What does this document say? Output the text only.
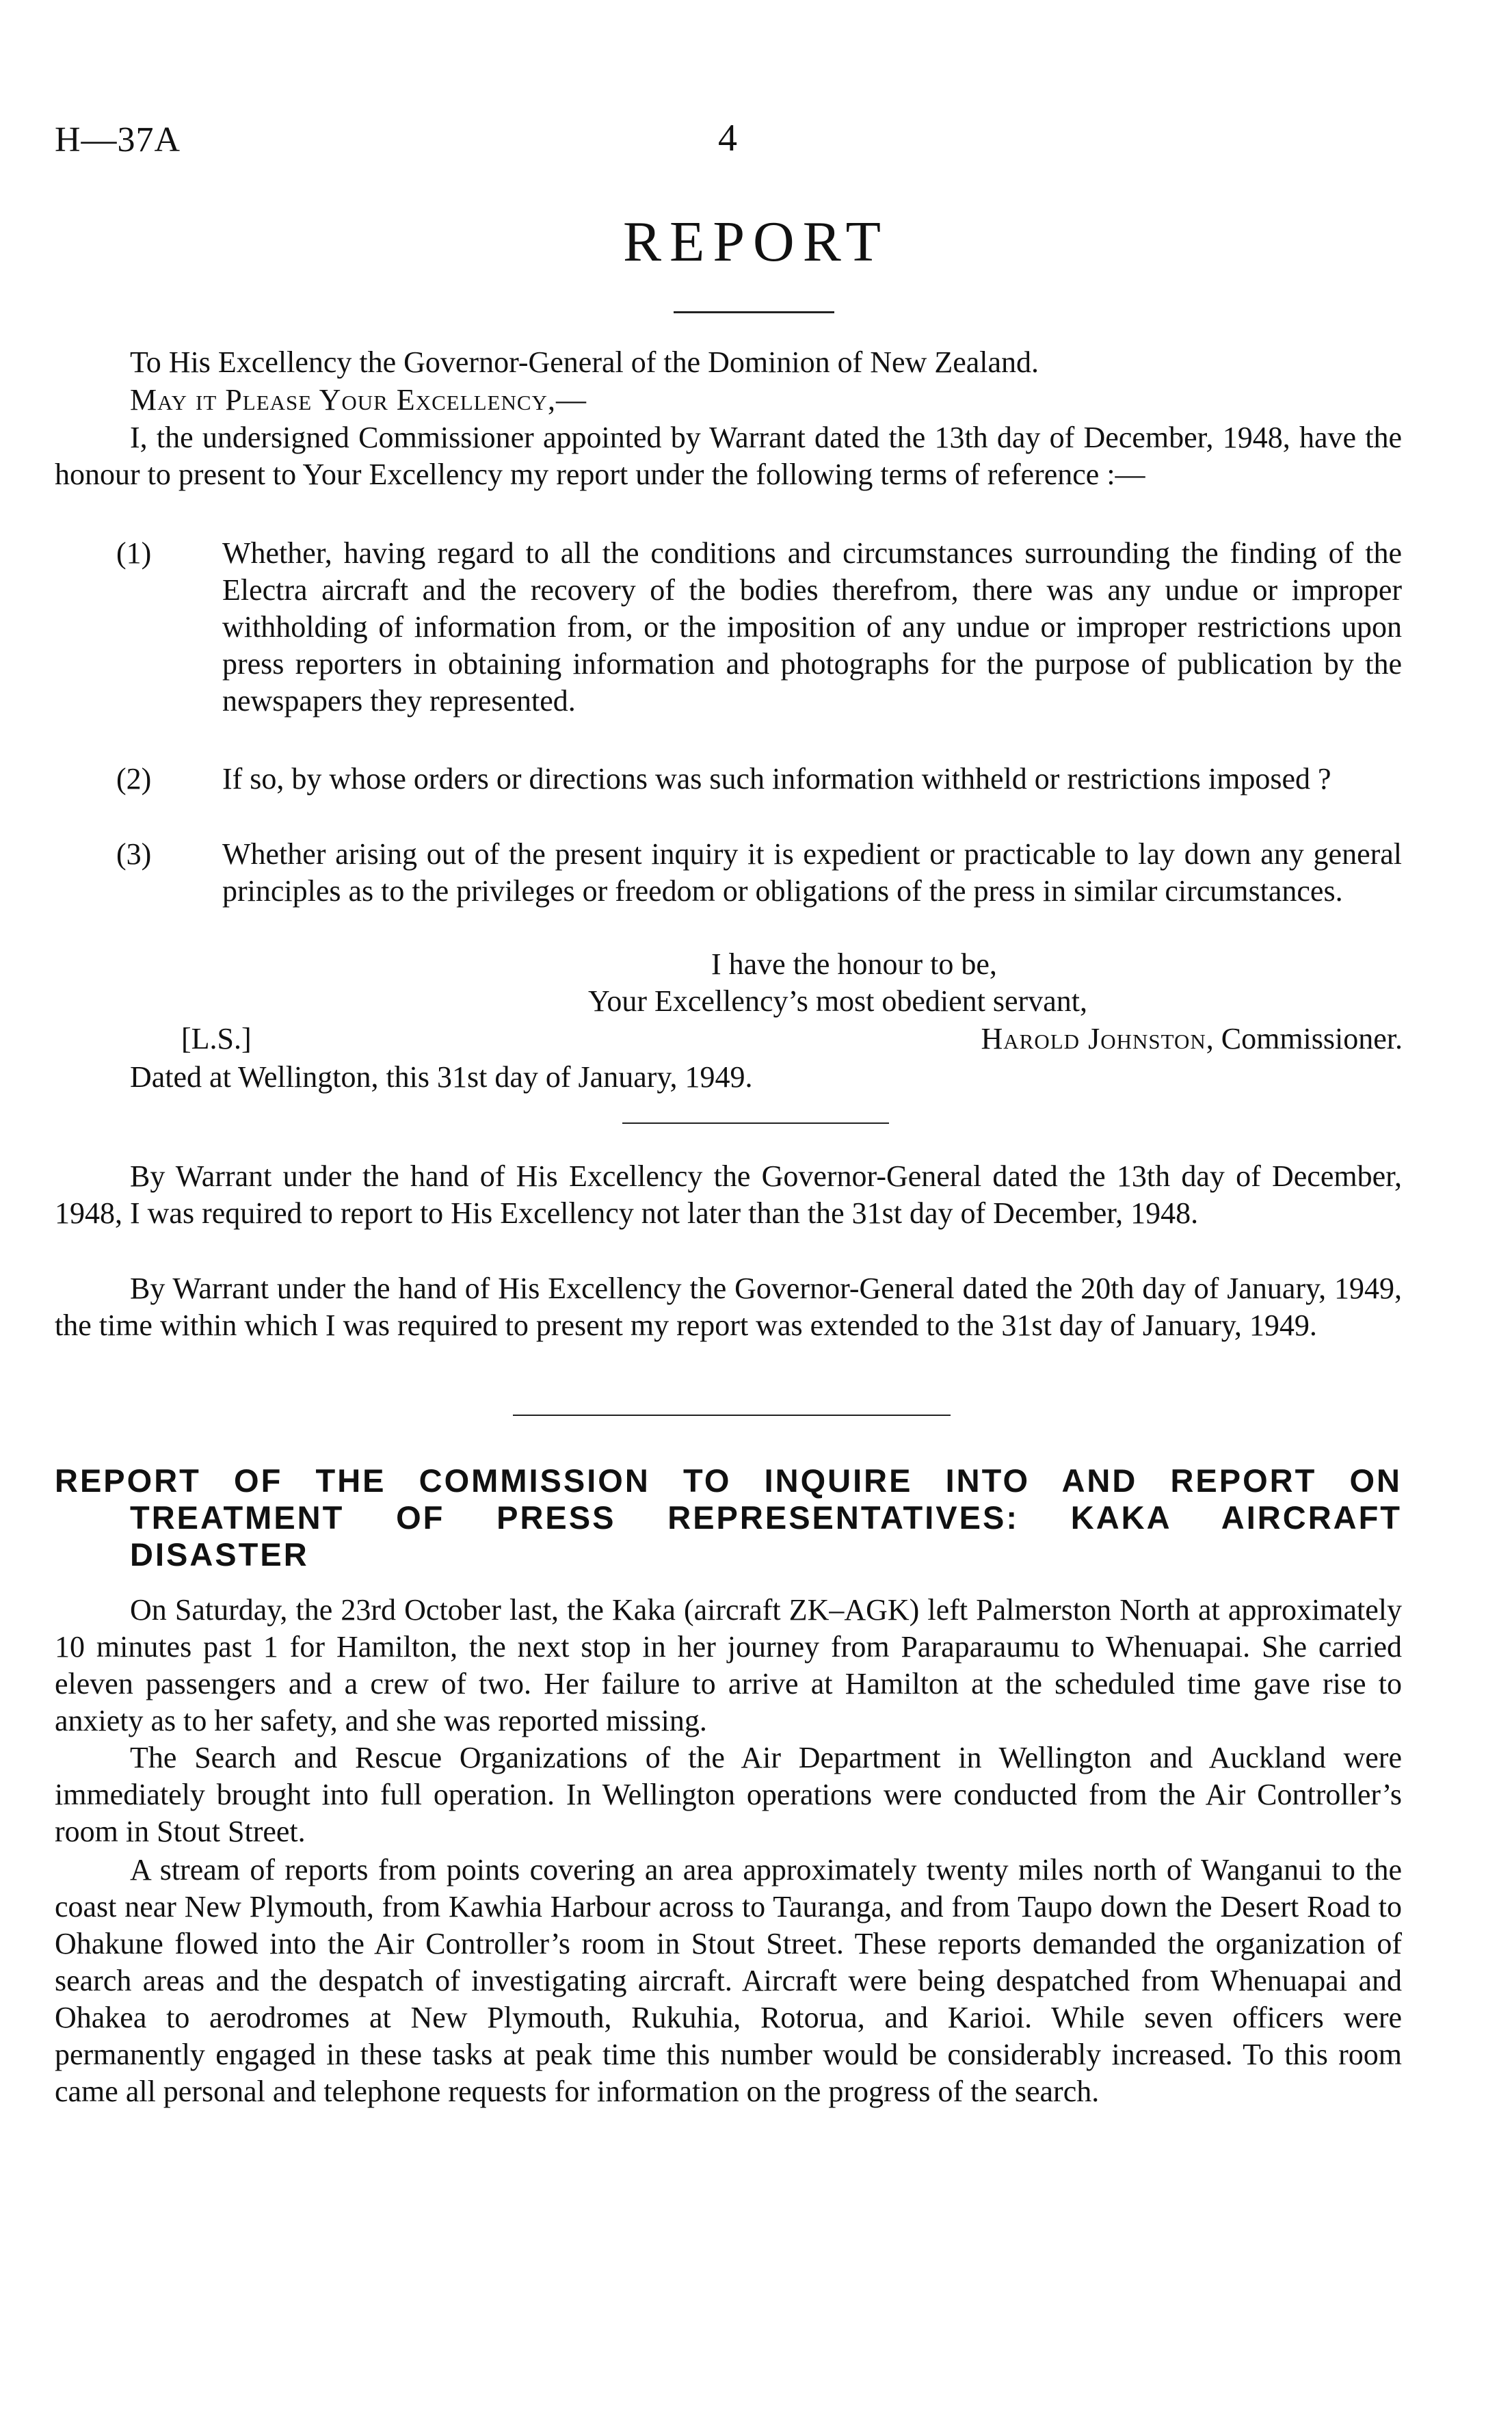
H—37A	4
REPORT

To His Excellency the Governor-General of the Dominion of New Zealand.

May it Please Your Excellency,—

I, the undersigned Commissioner appointed by Warrant dated the 13th day of December, 1948, have the honour to present to Your Excellency my report under the following terms of reference :—

(1) Whether, having regard to all the conditions and circumstances surrounding the finding of the Electra aircraft and the recovery of the bodies therefrom, there was any undue or improper withholding of information from, or the imposition of any undue or improper restrictions upon press reporters in obtaining information and photographs for the purpose of publication by the newspapers they represented.
(2) If so, by whose orders or directions was such information withheld or restrictions imposed ?
(3) Whether arising out of the present inquiry it is expedient or practicable to lay down any general principles as to the privileges or freedom or obligations of the press in similar circumstances.

I have the honour to be,

Your Excellency’s most obedient servant,

[L.S.]	Harold Johnston, Commissioner.

Dated at Wellington, this 31st day of January, 1949.

By Warrant under the hand of His Excellency the Governor-General dated the 13th day of December, 1948, I was required to report to His Excellency not later than the 31st day of December, 1948.

By Warrant under the hand of His Excellency the Governor-General dated the 20th day of January, 1949, the time within which I was required to present my report was extended to the 31st day of January, 1949.

REPORT OF THE COMMISSION TO INQUIRE INTO AND REPORT ON
TREATMENT OF PRESS REPRESENTATIVES: KAKA AIRCRAFT
DISASTER

On Saturday, the 23rd October last, the Kaka (aircraft ZK–AGK) left Palmerston North at approximately 10 minutes past 1 for Hamilton, the next stop in her journey from Paraparaumu to Whenuapai. She carried eleven passengers and a crew of two. Her failure to arrive at Hamilton at the scheduled time gave rise to anxiety as to her safety, and she was reported missing.

The Search and Rescue Organizations of the Air Department in Wellington and Auckland were immediately brought into full operation. In Wellington operations were conducted from the Air Controller’s room in Stout Street.

A stream of reports from points covering an area approximately twenty miles north of Wanganui to the coast near New Plymouth, from Kawhia Harbour across to Tauranga, and from Taupo down the Desert Road to Ohakune flowed into the Air Controller’s room in Stout Street. These reports demanded the organization of search areas and the despatch of investigating aircraft. Aircraft were being despatched from Whenuapai and Ohakea to aerodromes at New Plymouth, Rukuhia, Rotorua, and Karioi. While seven officers were permanently engaged in these tasks at peak time this number would be considerably increased. To this room came all personal and telephone requests for information on the progress of the search.
